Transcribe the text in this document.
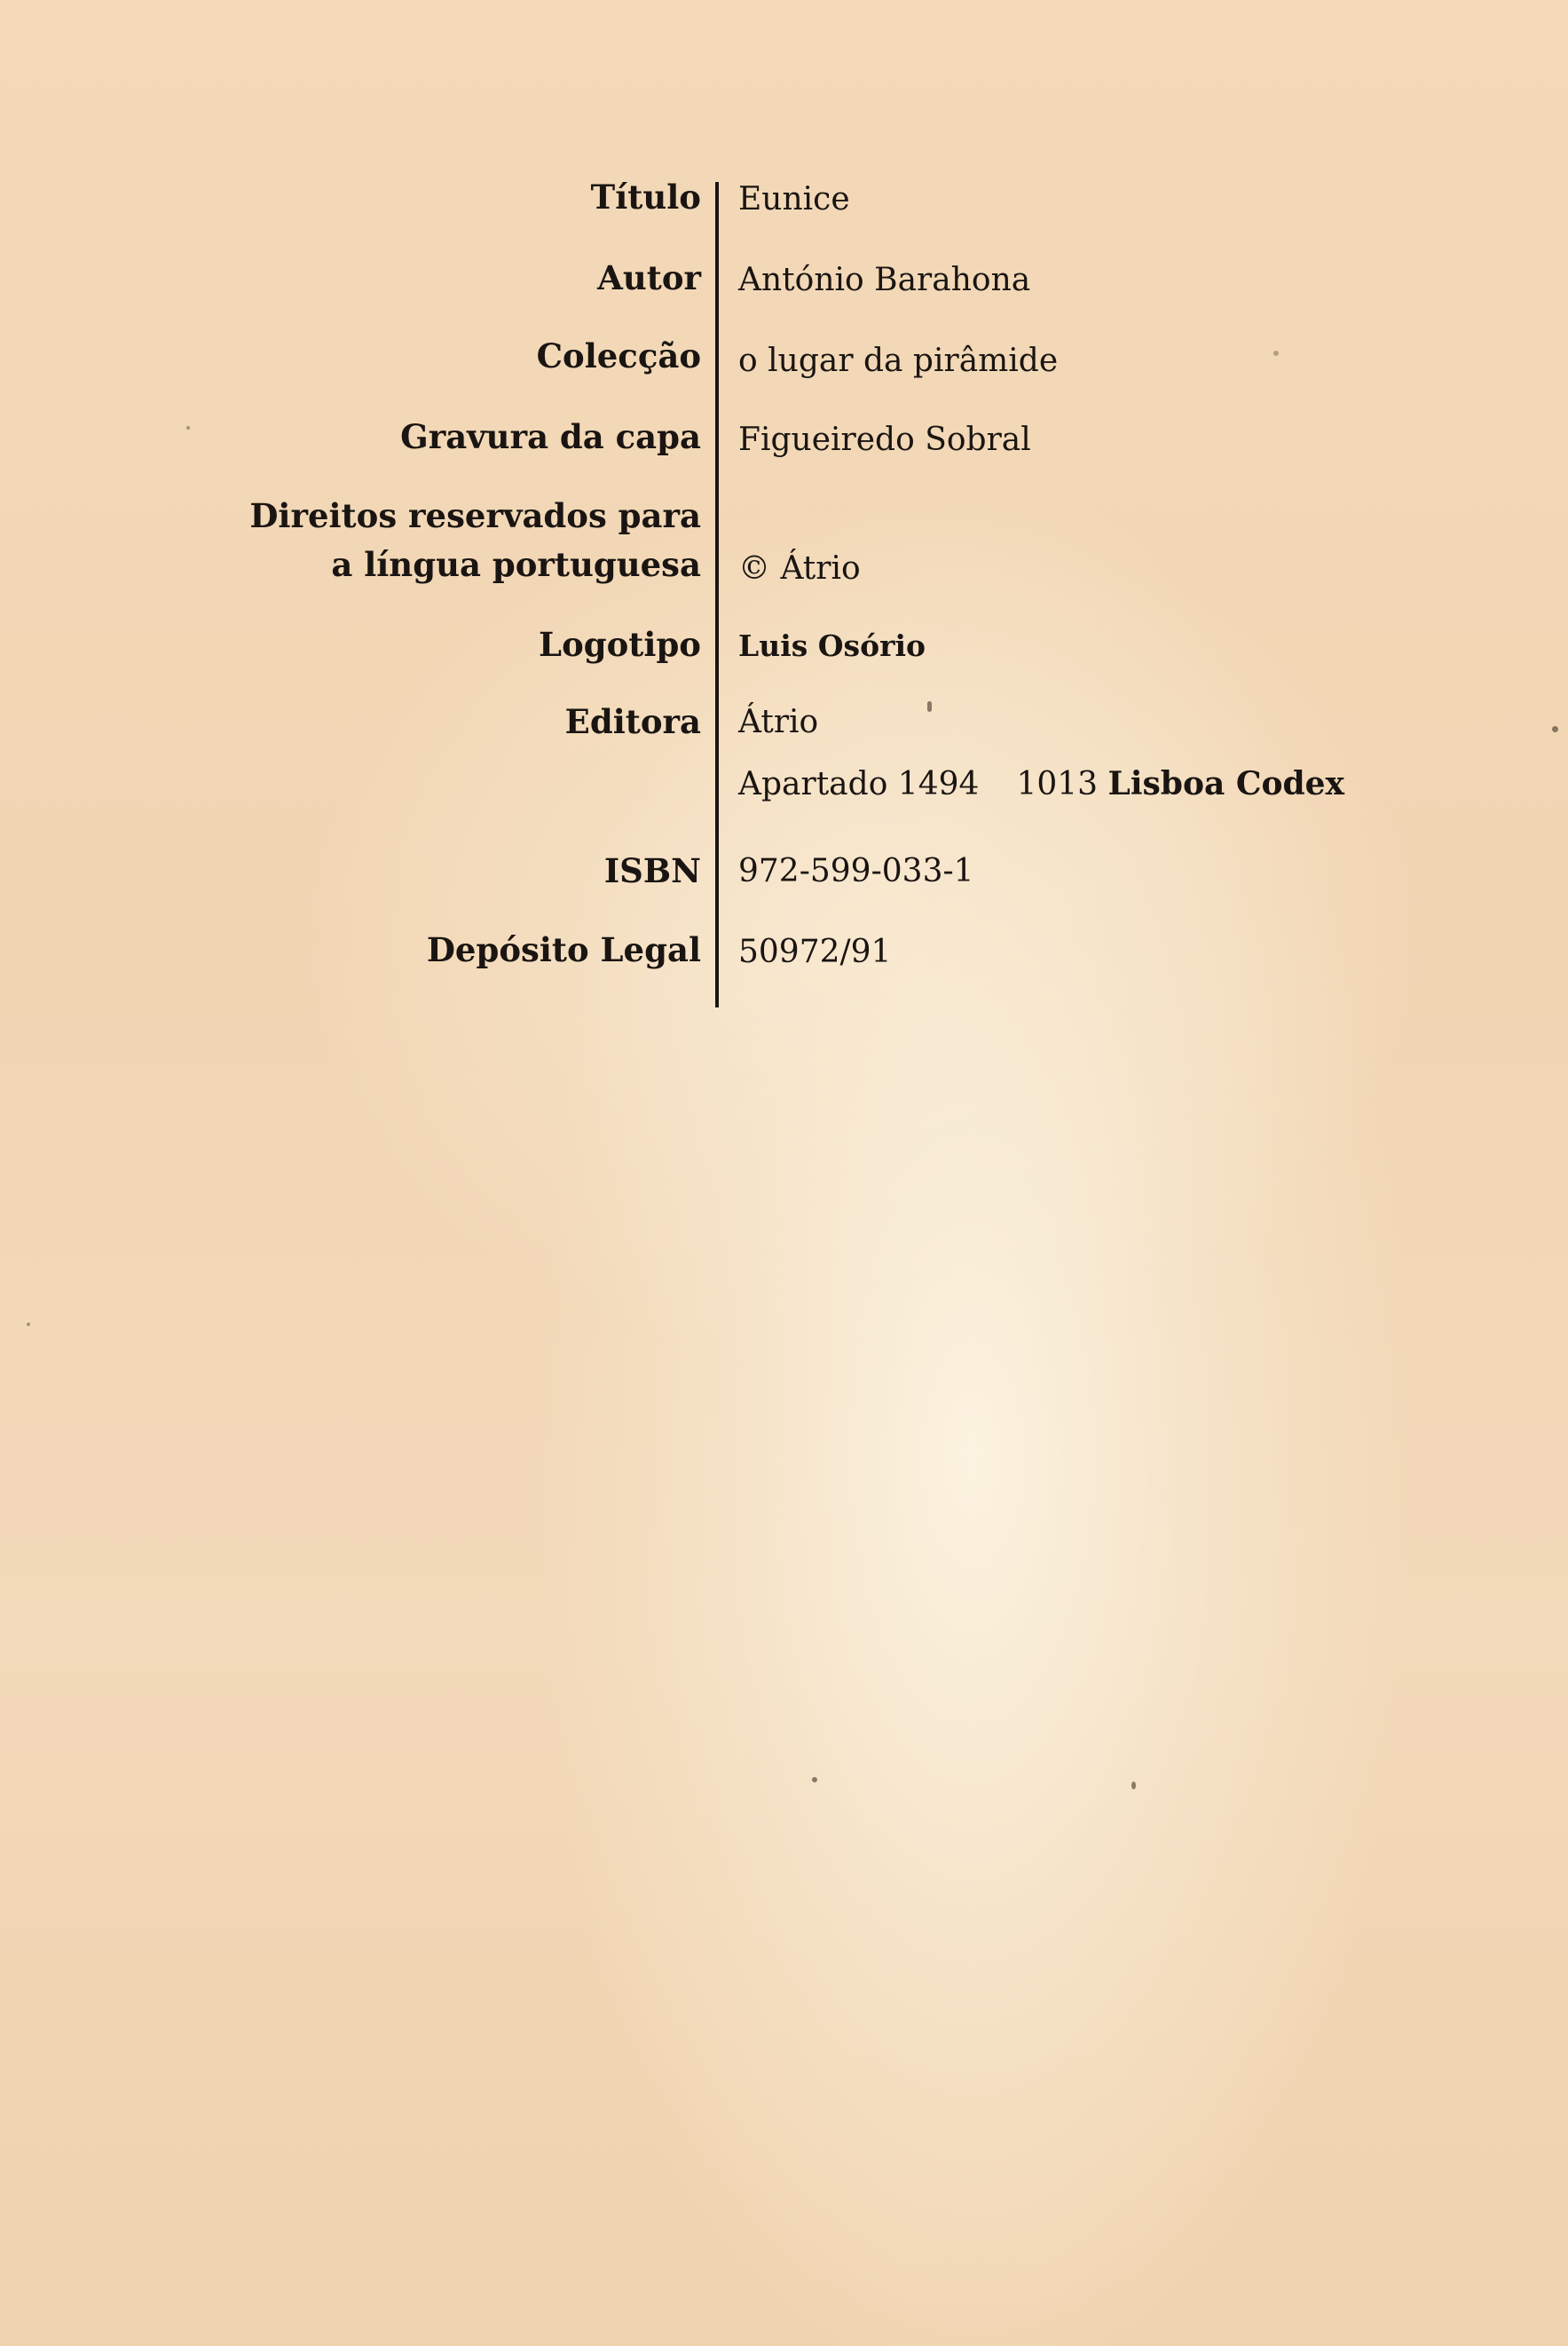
Título Eunice
Autor António Barahona
Colecção o lugar da pirâmide
Gravura da capa Figueiredo Sobral
Direitos reservados para
a língua portuguesa © Átrio
Logotipo Luis Osório
Editora Átrio
Apartado 1494 1013 Lisboa Codex
ISBN 972-599-033-1
Depósito Legal 50972/91
